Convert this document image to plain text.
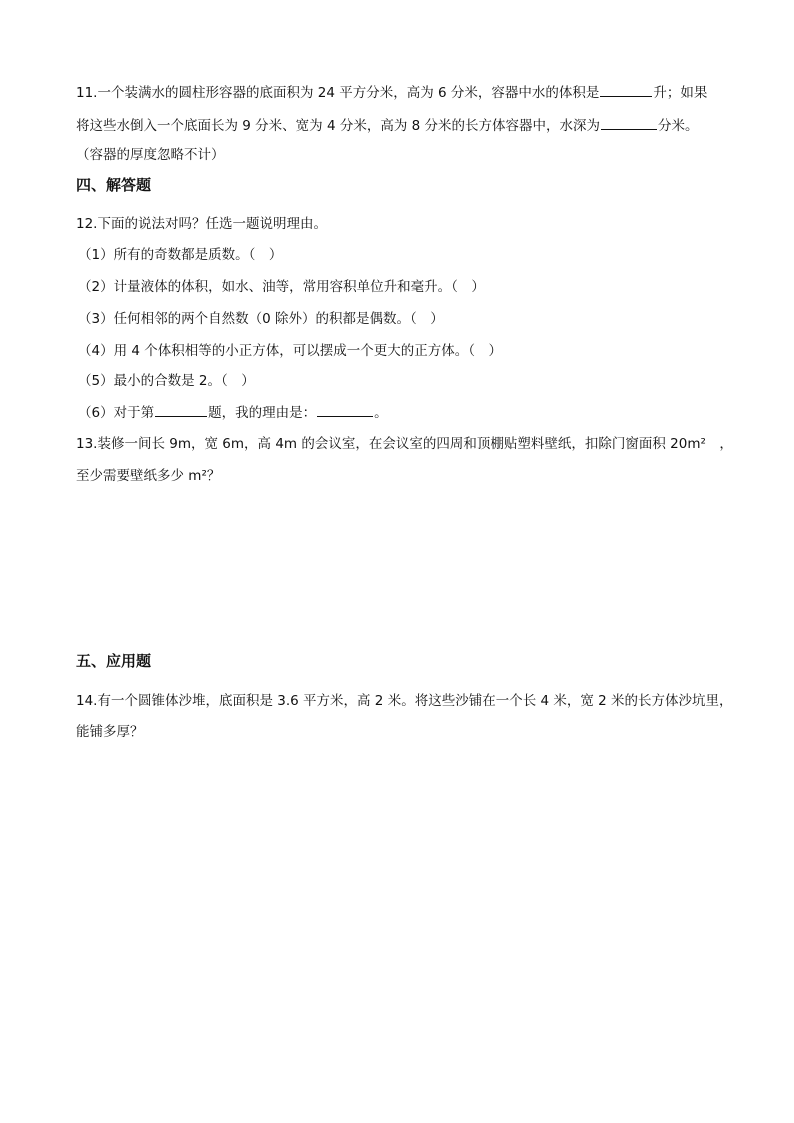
11.一个装满水的圆柱形容器的底面积为 24 平方分米，高为 6 分米，容器中水的体积是	升；如果

将这些水倒入一个底面长为 9 分米、宽为 4 分米，高为 8 分米的长方体容器中，水深为	分米。

（容器的厚度忽略不计）

四、解答题

12.下面的说法对吗？任选一题说明理由。

（1）所有的奇数都是质数。（　）

（2）计量液体的体积，如水、油等，常用容积单位升和毫升。（　）

（3）任何相邻的两个自然数（0 除外）的积都是偶数。（　）

（4）用 4 个体积相等的小正方体，可以摆成一个更大的正方体。（　）

（5）最小的合数是 2。（　）

（6）对于第	题，我的理由是：	。

13.装修一间长 9m，宽 6m，高 4m 的会议室，在会议室的四周和顶棚贴塑料壁纸，扣除门窗面积 20m²　，

至少需要壁纸多少 m²？

五、应用题

14.有一个圆锥体沙堆，底面积是 3.6 平方米，高 2 米。将这些沙铺在一个长 4 米，宽 2 米的长方体沙坑里，

能铺多厚？
